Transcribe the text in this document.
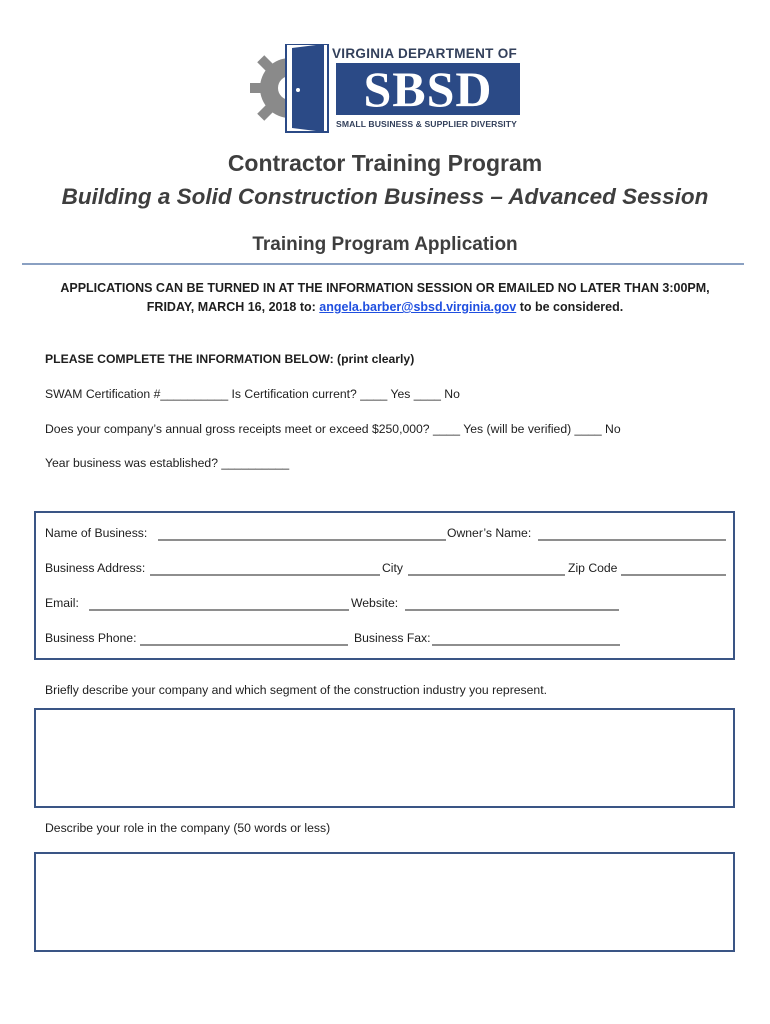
VIRGINIA DEPARTMENT OF
SBSD
SMALL BUSINESS & SUPPLIER DIVERSITY
Contractor Training Program
Building a Solid Construction Business – Advanced Session
Training Program Application
APPLICATIONS CAN BE TURNED IN AT THE INFORMATION SESSION OR EMAILED NO LATER THAN 3:00PM,
FRIDAY, MARCH 16, 2018 to: angela.barber@sbsd.virginia.gov to be considered.
PLEASE COMPLETE THE INFORMATION BELOW: (print clearly)
SWAM Certification #__________ Is Certification current? ____ Yes ____ No
Does your company’s annual gross receipts meet or exceed $250,000? ____ Yes (will be verified) ____ No
Year business was established? __________
Name of Business:	Owner’s Name:
Business Address:	City	Zip Code
Email:	Website:
Business Phone:	Business Fax:
Briefly describe your company and which segment of the construction industry you represent.
Describe your role in the company (50 words or less)
